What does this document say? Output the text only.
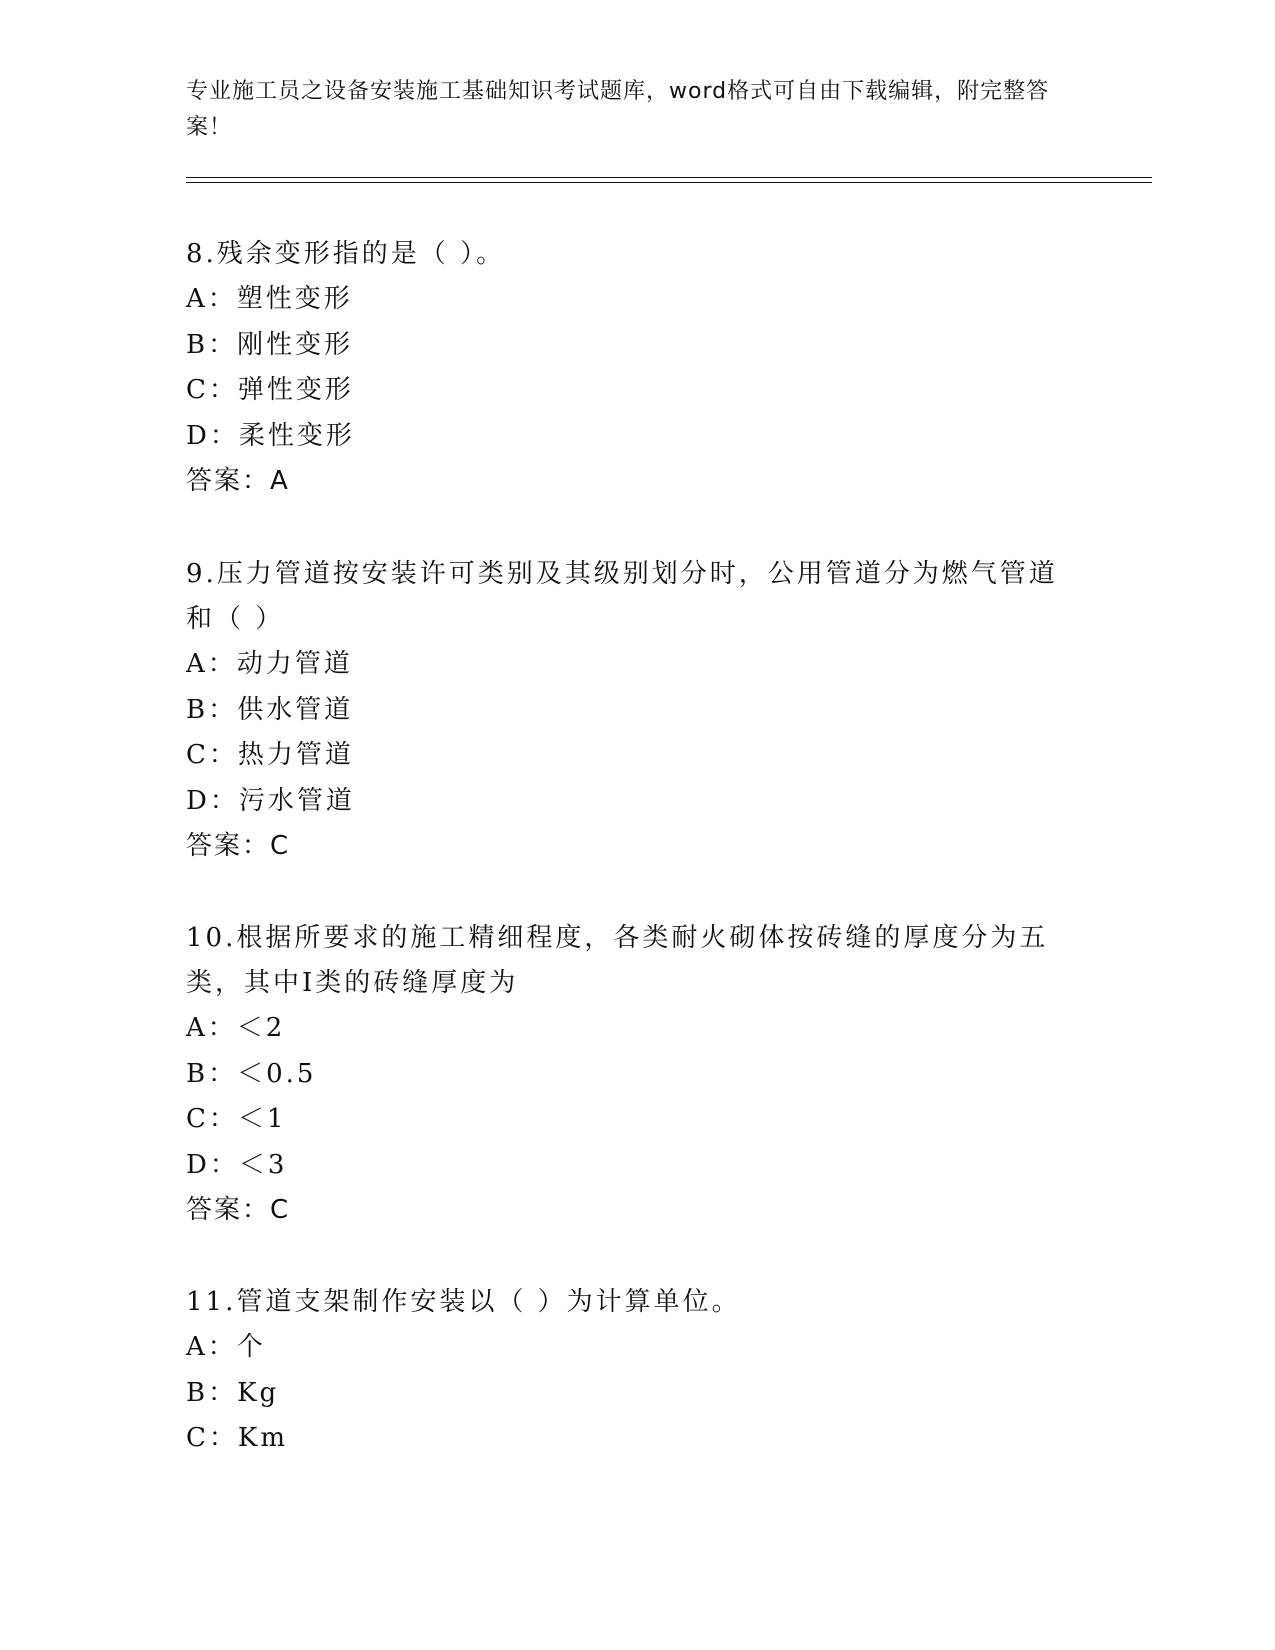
专业施工员之设备安装施工基础知识考试题库，word格式可自由下载编辑，附完整答案！

8.残余变形指的是（ ）。

A：塑性变形

B：刚性变形

C：弹性变形

D：柔性变形

答案：A

9.压力管道按安装许可类别及其级别划分时，公用管道分为燃气管道和（ ）

A：动力管道

B：供水管道

C：热力管道

D：污水管道

答案：C

10.根据所要求的施工精细程度，各类耐火砌体按砖缝的厚度分为五类，其中I类的砖缝厚度为

A：＜2

B：＜0.5

C：＜1

D：＜3

答案：C

11.管道支架制作安装以（ ）为计算单位。

A：个

B：Kg

C：Km
